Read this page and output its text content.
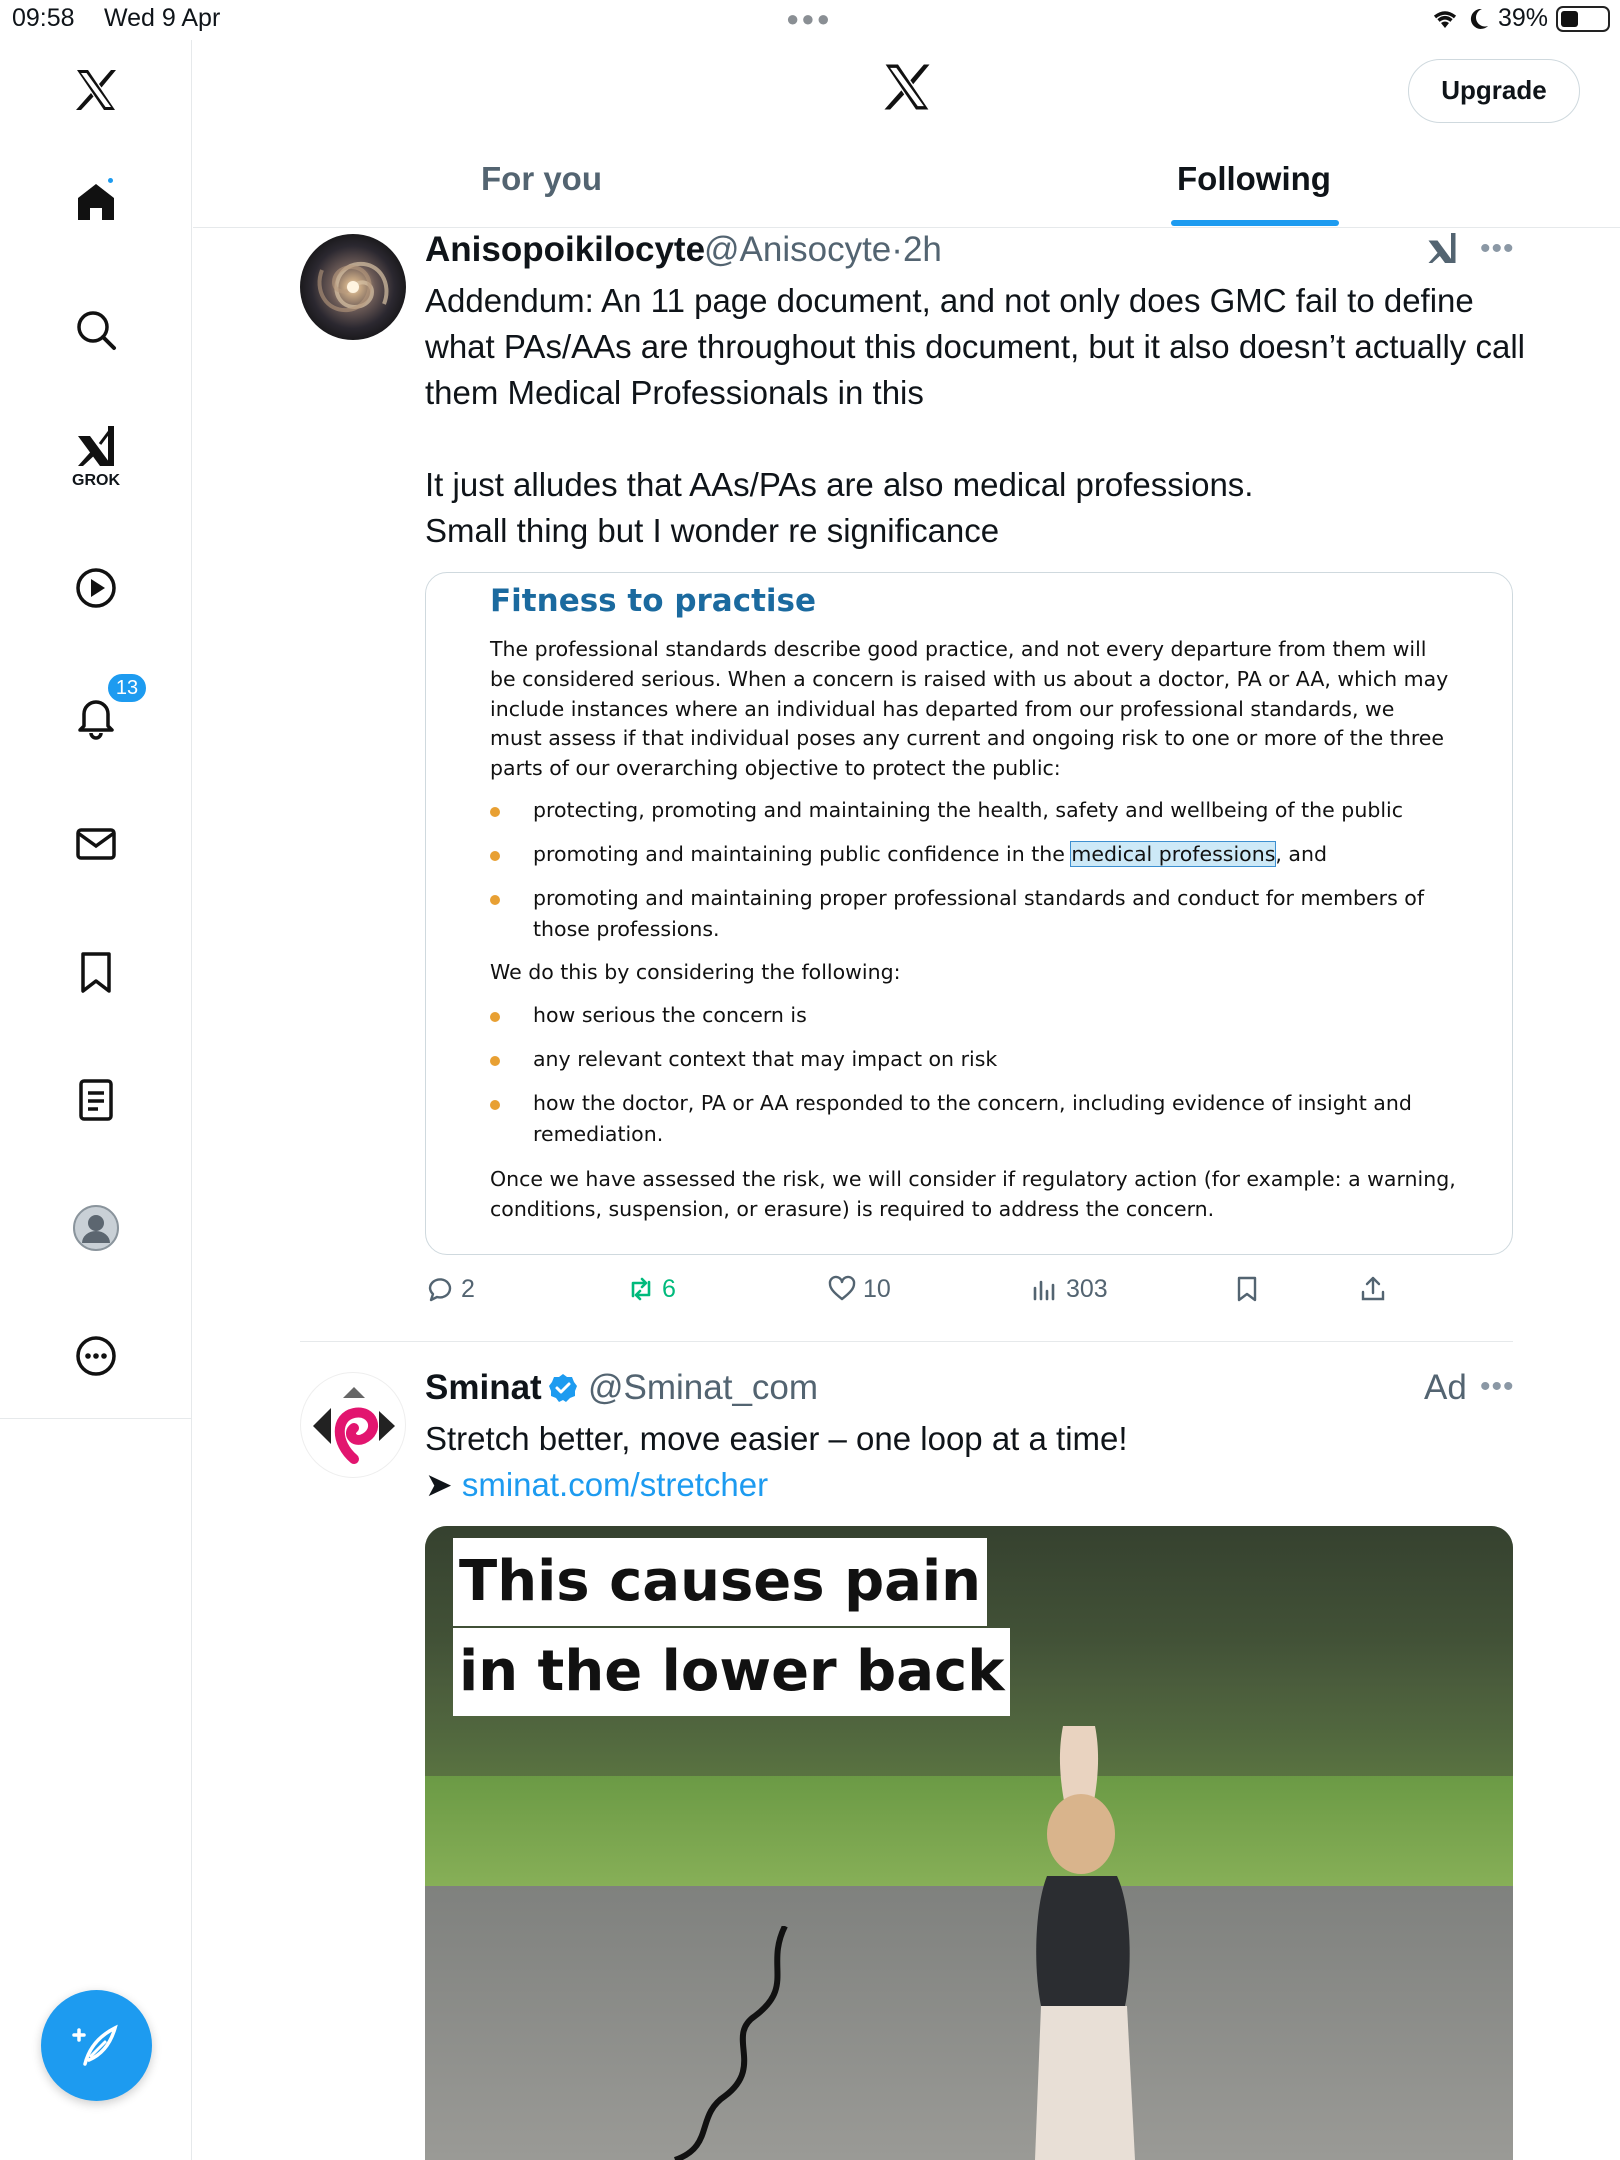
09:58 Wed 9 Apr	●●●	39%
GROK
13
Upgrade
For you	Following
Anisopoikilocyte
@Anisocyte·2h	•••
Addendum: An 11 page document, and not only does GMC fail to define what PAs/AAs are throughout this document, but it also doesn’t actually call them Medical Professionals in this

It just alludes that AAs/PAs are also medical professions.
Small thing but I wonder re significance
Fitness to practise
The professional standards describe good practice, and not every departure from them will be considered serious. When a concern is raised with us about a doctor, PA or AA, which may include instances where an individual has departed from our professional standards, we must assess if that individual poses any current and ongoing risk to one or more of the three parts of our overarching objective to protect the public:
protecting, promoting and maintaining the health, safety and wellbeing of the public
promoting and maintaining public confidence in the medical professions, and
promoting and maintaining proper professional standards and conduct for members of those professions.
We do this by considering the following:
how serious the concern is
any relevant context that may impact on risk
how the doctor, PA or AA responded to the concern, including evidence of insight and remediation.
Once we have assessed the risk, we will consider if regulatory action (for example: a warning, conditions, suspension, or erasure) is required to address the concern.
2	6	10	303
Sminat @Sminat_com	Ad •••
Stretch better, move easier – one loop at a time!
➤ sminat.com/stretcher
This causes pain
in the lower back
